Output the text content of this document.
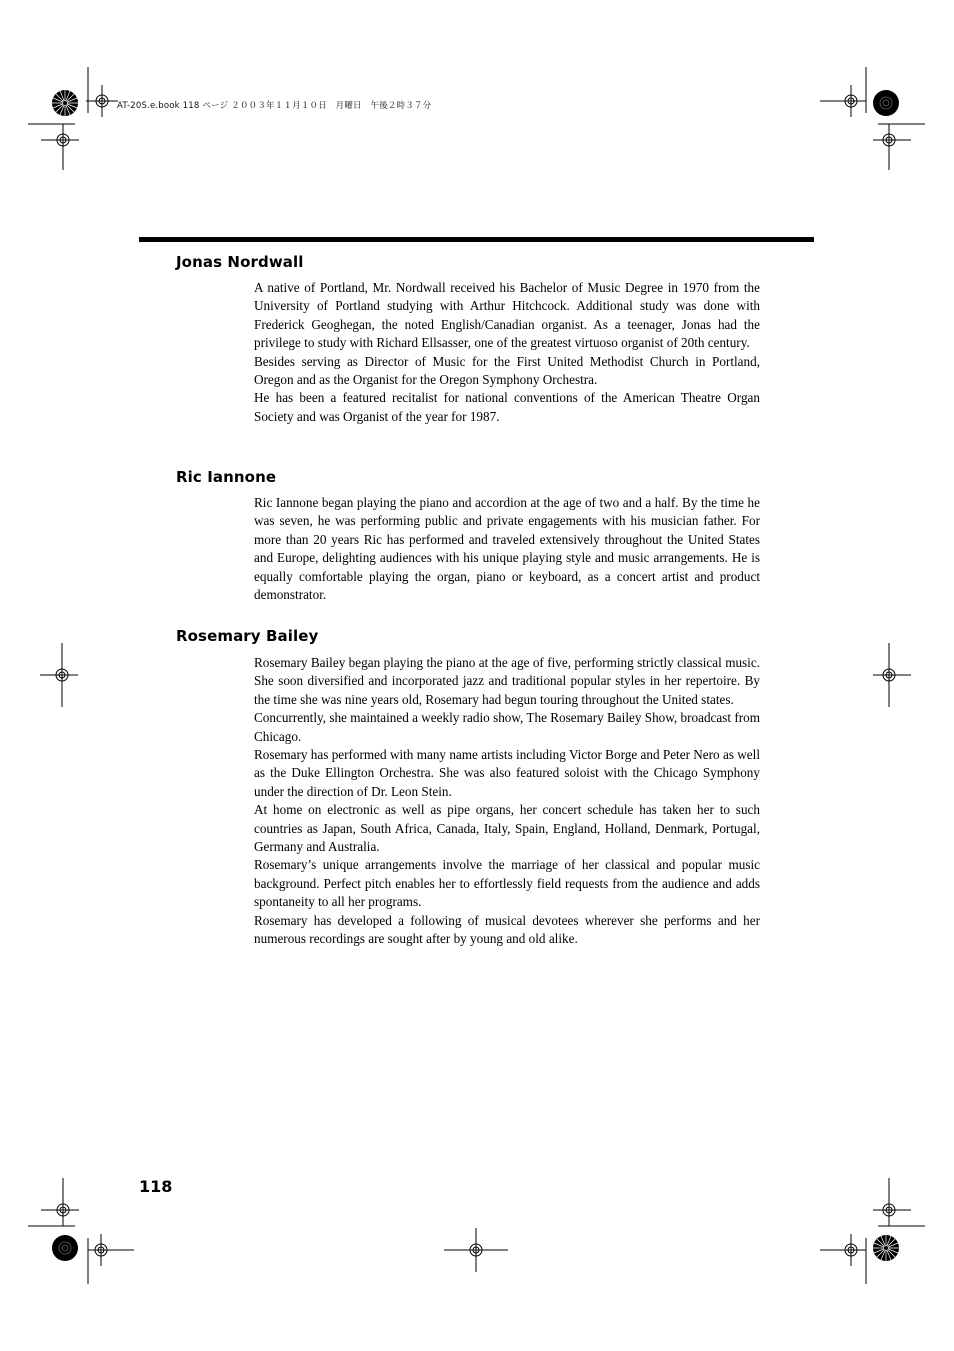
AT-20S.e.book 118 ページ ２００３年１１月１０日　月曜日　午後２時３７分
Jonas Nordwall

A native of Portland, Mr. Nordwall received his Bachelor of Music Degree in 1970 from the University of Portland studying with Arthur Hitchcock. Additional study was done with Frederick Geoghegan, the noted English/Canadian organist. As a teenager, Jonas had the privilege to study with Richard Ellsasser, one of the greatest virtuoso organist of 20th century.

Besides serving as Director of Music for the First United Methodist Church in Portland, Oregon and as the Organist for the Oregon Symphony Orchestra.

He has been a featured recitalist for national conventions of the American Theatre Organ Society and was Organist of the year for 1987.

Ric Iannone

Ric Iannone began playing the piano and accordion at the age of two and a half. By the time he was seven, he was performing public and private engagements with his musician father. For more than 20 years Ric has performed and traveled extensively throughout the United States and Europe, delighting audiences with his unique playing style and music arrangements. He is equally comfortable playing the organ, piano or keyboard, as a concert artist and product demonstrator.

Rosemary Bailey

Rosemary Bailey began playing the piano at the age of five, performing strictly classical music. She soon diversified and incorporated jazz and traditional popular styles in her repertoire. By the time she was nine years old, Rosemary had begun touring throughout the United states.

Concurrently, she maintained a weekly radio show, The Rosemary Bailey Show, broadcast from Chicago.

Rosemary has performed with many name artists including Victor Borge and Peter Nero as well as the Duke Ellington Orchestra. She was also featured soloist with the Chicago Symphony under the direction of Dr. Leon Stein.

At home on electronic as well as pipe organs, her concert schedule has taken her to such countries as Japan, South Africa, Canada, Italy, Spain, England, Holland, Denmark, Portugal, Germany and Australia.

Rosemary’s unique arrangements involve the marriage of her classical and popular music background. Perfect pitch enables her to effortlessly field requests from the audience and adds spontaneity to all her programs.

Rosemary has developed a following of musical devotees wherever she performs and her numerous recordings are sought after by young and old alike.

118
